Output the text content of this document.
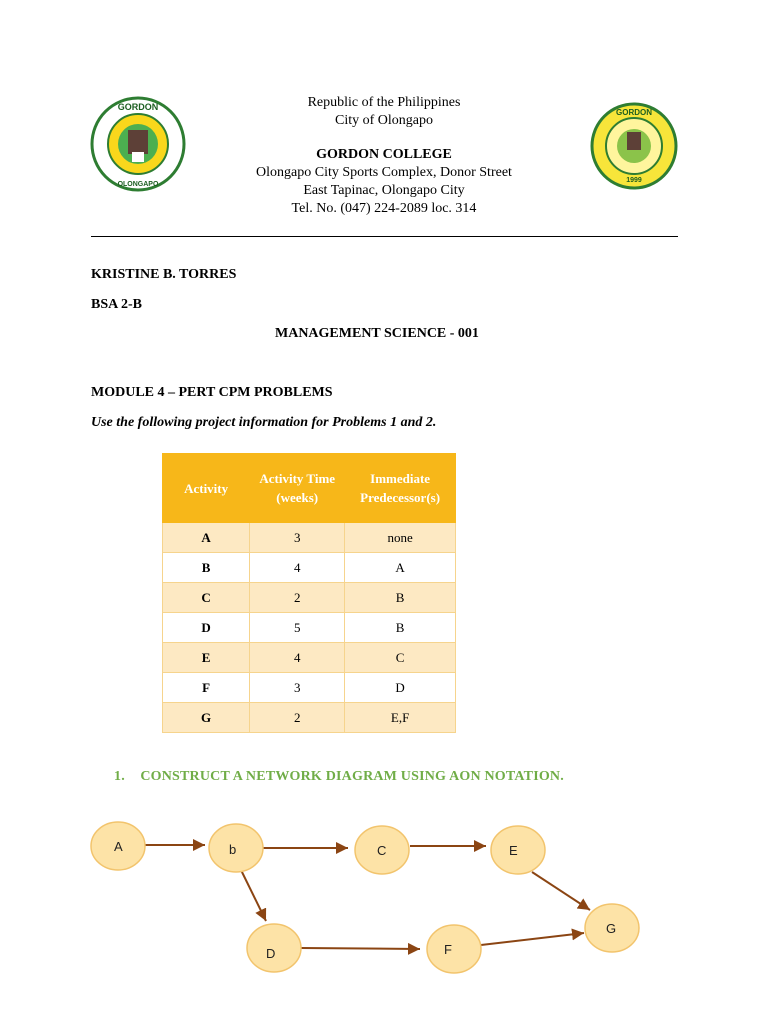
GORDON
OLONGAPO
GORDON
1999
Republic of the Philippines
City of Olongapo
GORDON COLLEGE
Olongapo City Sports Complex, Donor Street
East Tapinac, Olongapo City
Tel. No. (047) 224-2089 loc. 314
KRISTINE B. TORRES
BSA 2-B
MANAGEMENT SCIENCE - 001
MODULE 4 – PERT CPM PROBLEMS
Use the following project information for Problems 1 and 2.
Activity	Activity Time (weeks)	Immediate Predecessor(s)
A	3	none
B	4	A
C	2	B
D	5	B
E	4	C
F	3	D
G	2	E,F
1. CONSTRUCT A NETWORK DIAGRAM USING AON NOTATION.
A	b	C	E
D	F
G
